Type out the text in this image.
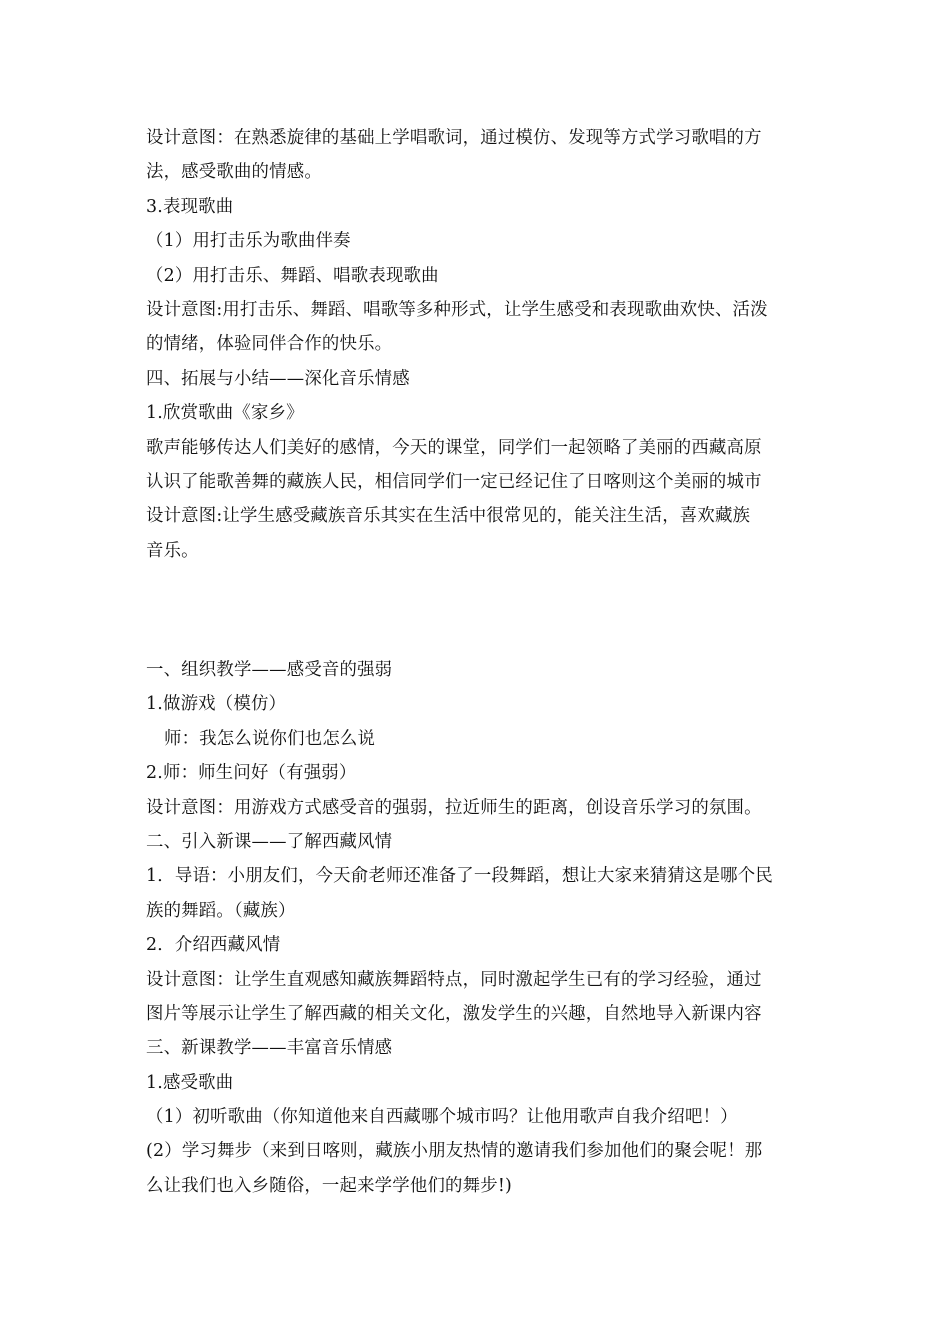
设计意图：在熟悉旋律的基础上学唱歌词，通过模仿、发现等方式学习歌唱的方
法，感受歌曲的情感。
3.表现歌曲
（1）用打击乐为歌曲伴奏
（2）用打击乐、舞蹈、唱歌表现歌曲
设计意图:用打击乐、舞蹈、唱歌等多种形式，让学生感受和表现歌曲欢快、活泼
的情绪，体验同伴合作的快乐。
四、拓展与小结——深化音乐情感
1.欣赏歌曲《家乡》
歌声能够传达人们美好的感情，今天的课堂，同学们一起领略了美丽的西藏高原
认识了能歌善舞的藏族人民，相信同学们一定已经记住了日喀则这个美丽的城市
设计意图:让学生感受藏族音乐其实在生活中很常见的，能关注生活，喜欢藏族
音乐。
一、组织教学——感受音的强弱
1.做游戏（模仿）
师：我怎么说你们也怎么说
2.师：师生问好（有强弱）
设计意图：用游戏方式感受音的强弱，拉近师生的距离，创设音乐学习的氛围。
二、引入新课——了解西藏风情
1．导语：小朋友们，今天俞老师还准备了一段舞蹈，想让大家来猜猜这是哪个民
族的舞蹈。（藏族）
2．介绍西藏风情
设计意图：让学生直观感知藏族舞蹈特点，同时激起学生已有的学习经验，通过
图片等展示让学生了解西藏的相关文化，激发学生的兴趣，自然地导入新课内容
三、新课教学——丰富音乐情感
1.感受歌曲
（1）初听歌曲（你知道他来自西藏哪个城市吗？让他用歌声自我介绍吧！）
(2）学习舞步（来到日喀则，藏族小朋友热情的邀请我们参加他们的聚会呢！那
么让我们也入乡随俗，一起来学学他们的舞步!)
